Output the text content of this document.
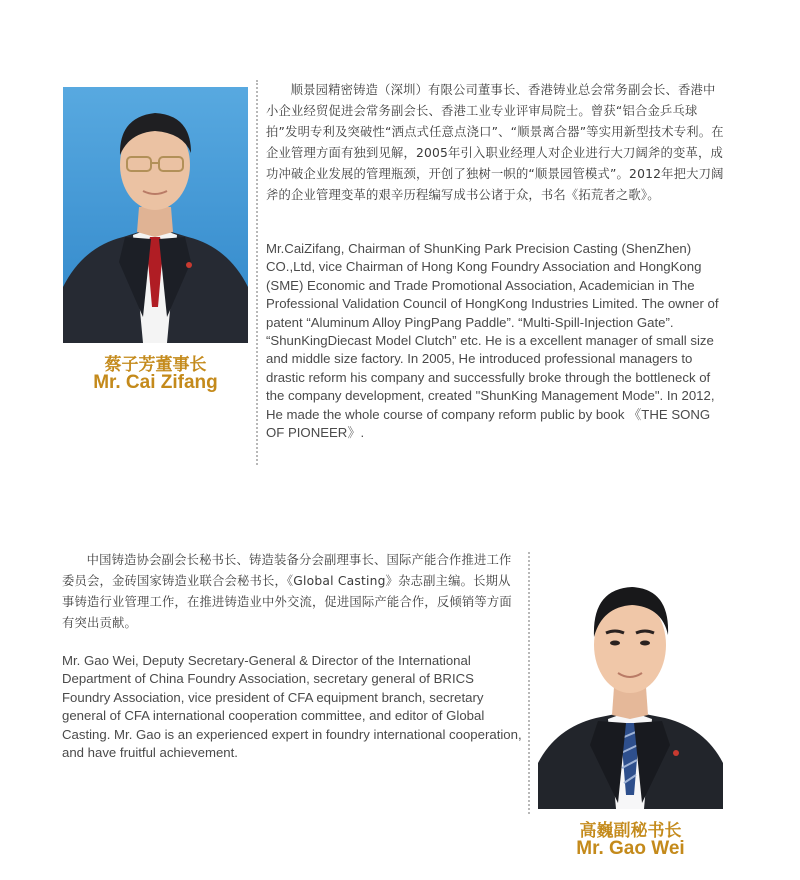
蔡子芳董事长
Mr. Cai Zifang

顺景园精密铸造（深圳）有限公司董事长、香港铸业总会常务副会长、香港中小企业经贸促进会常务副会长、香港工业专业评审局院士。曾获“铝合金乒乓球拍”发明专利及突破性“洒点式任意点浇口”、“顺景离合器”等实用新型技术专利。在企业管理方面有独到见解，2005年引入职业经理人对企业进行大刀阔斧的变革，成功冲破企业发展的管理瓶颈，开创了独树一帜的“顺景园管模式”。2012年把大刀阔斧的企业管理变革的艰辛历程编写成书公诸于众，书名《拓荒者之歌》。

Mr.CaiZifang, Chairman of ShunKing Park Precision Casting (ShenZhen) CO.,Ltd, vice Chairman of Hong Kong Foundry Association and HongKong (SME) Economic and Trade Promotional Association, Academician in The Professional Validation Council of HongKong Industries Limited. The owner of patent “Aluminum Alloy PingPang Paddle”. “Multi-Spill-Injection Gate”. “ShunKingDiecast Model Clutch” etc. He is a excellent manager of small size and middle size factory. In 2005, He introduced professional managers to drastic reform his company and successfully broke through the bottleneck of the company development, created "ShunKing Management Mode". In 2012, He made the whole course of company reform public by book 《THE SONG OF PIONEER》.

中国铸造协会副会长秘书长、铸造装备分会副理事长、国际产能合作推进工作委员会，金砖国家铸造业联合会秘书长，《Global Casting》杂志副主编。长期从事铸造行业管理工作，在推进铸造业中外交流，促进国际产能合作，反倾销等方面有突出贡献。

Mr. Gao Wei, Deputy Secretary-General & Director of the International Department of China Foundry Association, secretary general of BRICS Foundry Association, vice president of CFA equipment branch, secretary general of CFA international cooperation committee, and editor of Global Casting. Mr. Gao is an experienced expert in foundry international cooperation, and have fruitful achievement.

高巍副秘书长
Mr. Gao Wei
